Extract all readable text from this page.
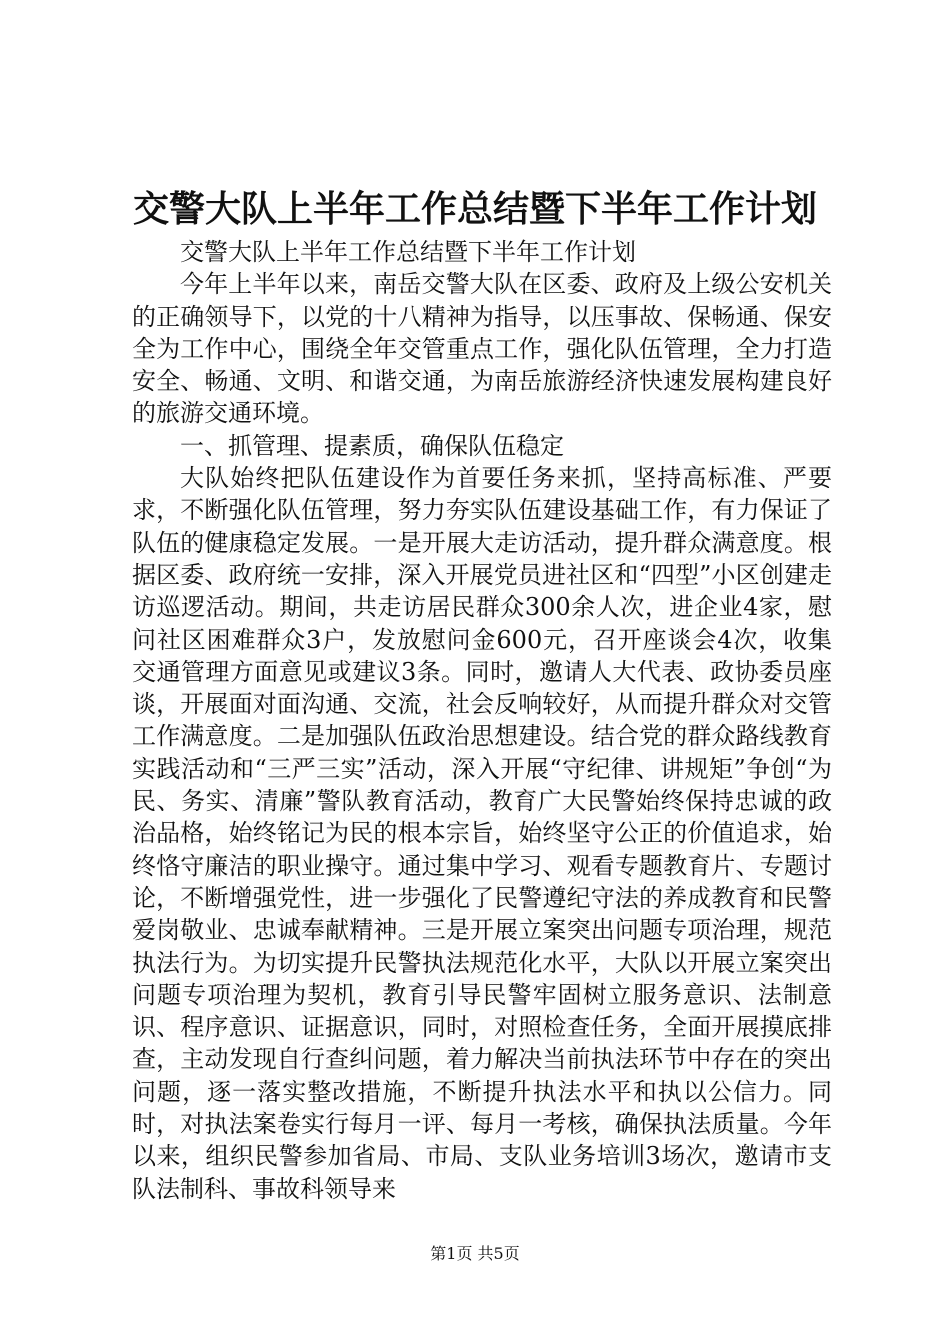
交警大队上半年工作总结暨下半年工作计划

交警大队上半年工作总结暨下半年工作计划

今年上半年以来，南岳交警大队在区委、政府及上级公安机关的正确领导下，以党的十八精神为指导，以压事故、保畅通、保安全为工作中心，围绕全年交管重点工作，强化队伍管理，全力打造安全、畅通、文明、和谐交通，为南岳旅游经济快速发展构建良好的旅游交通环境。

一、抓管理、提素质，确保队伍稳定

大队始终把队伍建设作为首要任务来抓，坚持高标准、严要求，不断强化队伍管理，努力夯实队伍建设基础工作，有力保证了队伍的健康稳定发展。一是开展大走访活动，提升群众满意度。根据区委、政府统一安排，深入开展党员进社区和“四型”小区创建走访巡逻活动。期间，共走访居民群众300余人次，进企业4家，慰问社区困难群众3户，发放慰问金600元，召开座谈会4次，收集交通管理方面意见或建议3条。同时，邀请人大代表、政协委员座谈，开展面对面沟通、交流，社会反响较好，从而提升群众对交管工作满意度。二是加强队伍政治思想建设。结合党的群众路线教育实践活动和“三严三实”活动，深入开展“守纪律、讲规矩”争创“为民、务实、清廉”警队教育活动，教育广大民警始终保持忠诚的政治品格，始终铭记为民的根本宗旨，始终坚守公正的价值追求，始终恪守廉洁的职业操守。通过集中学习、观看专题教育片、专题讨论，不断增强党性，进一步强化了民警遵纪守法的养成教育和民警爱岗敬业、忠诚奉献精神。三是开展立案突出问题专项治理，规范执法行为。为切实提升民警执法规范化水平，大队以开展立案突出问题专项治理为契机，教育引导民警牢固树立服务意识、法制意识、程序意识、证据意识，同时，对照检查任务，全面开展摸底排查，主动发现自行查纠问题，着力解决当前执法环节中存在的突出问题，逐一落实整改措施，不断提升执法水平和执以公信力。同时，对执法案卷实行每月一评、每月一考核，确保执法质量。今年以来，组织民警参加省局、市局、支队业务培训3场次，邀请市支队法制科、事故科领导来

第1页 共5页
